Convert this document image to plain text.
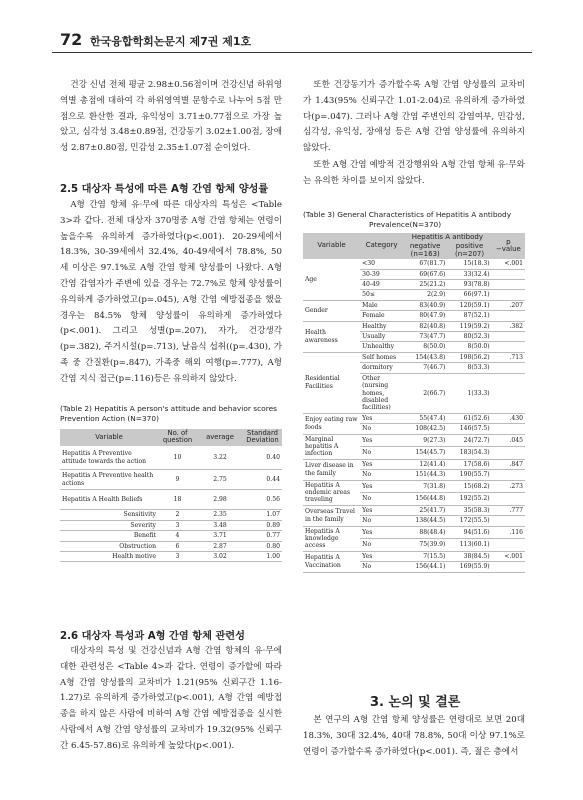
72 한국융합학회논문지 제7권 제1호

건강 신념 전체 평균 2.98±0.56점이며 건강신념 하위영역별 총점에 대하여 각 하위영역별 문항수로 나누어 5점 만점으로 환산한 결과, 유익성이 3.71±0.77점으로 가장 높았고, 심각성 3.48±0.89점, 건강동기 3.02±1.00점, 장애성 2.87±0.80점, 민감성 2.35±1.07점 순이었다.

2.5 대상자 특성에 따른 A형 간염 항체 양성률

A형 간염 항체 유·무에 따른 대상자의 특성은 <Table 3>과 같다. 전체 대상자 370명중 A형 간염 항체는 연령이 높을수록 유의하게 증가하였다(p<.001). 20-29세에서 18.3%, 30-39세에서 32.4%, 40-49세에서 78.8%, 50세 이상은 97.1%로 A형 간염 항체 양성률이 나왔다. A형 간염 감염자가 주변에 있을 경우는 72.7%로 항체 양성률이 유의하게 증가하였고(p=.045), A형 간염 예방접종을 했을 경우는 84.5% 항체 양성률이 유의하게 증가하였다(p<.001). 그리고 성별(p=.207), 자가, 건강생각(p=.382), 주거시설(p=.713), 날음식 섭취((p=.430), 가족 중 간질환(p=.847), 가족중 해외 여행(p=.777), A형 간염 지식 접근(p=.116)등은 유의하지 않았다.

(Table 2) Hepatitis A person's attitude and behavior scores Prevention Action (N=370)
Variable	No. of question	average	Standard Deviation
Hepatitis A Preventive attitude towards the action	10	3.22	0.40
Hepatitis A Preventive health actions	9	2.75	0.44
Hepatitis A Health Beliefs	18	2.98	0.56
Sensitivity	2	2.35	1.07
Severity	3	3.48	0.89
Benefit	4	3.71	0.77
Obstruction	6	2.87	0.80
Health motive	3	3.02	1.00
2.6 대상자 특성과 A형 간염 항체 관련성

대상자의 특성 및 건강신념과 A형 간염 항체의 유·무에 대한 관련성은 <Table 4>과 같다. 연령이 증가할에 따라 A형 간염 양성률의 교차비가 1.21(95% 신뢰구간 1.16-1.27)로 유의하게 증가하였고(p<.001), A형 간염 예방접종을 하지 않은 사람에 비하여 A형 간염 예방접종을 실시한 사람에서 A형 간염 양성률의 교차비가 19.32(95% 신뢰구간 6.45-57.86)로 유의하게 높았다(p<.001).

또한 건강동기가 증가할수록 A형 간염 양성률의 교차비가 1.43(95% 신뢰구간 1.01-2.04)로 유의하게 증가하였다(p=.047). 그러나 A형 간염 주변인의 감염여부, 민감성, 심각성, 유익성, 장애성 등은 A형 간염 양성률에 유의하지 않았다.

또한 A형 간염 예방적 건강행위와 A형 간염 항체 유·무와는 유의한 차이를 보이지 않았다.

(Table 3) General Characteristics of Hepatitis A antibody
Prevalence(N=370)
Variable	Category	Hepatitis A antibody		p −value
		negative (n=163)	positive (n=207)	
Age	<30	67(81.7)	15(18.3)	<.001
	30-39	69(67.6)	33(32.4)	
	40-49	25(21.2)	93(78.8)	
	50≤	2(2.9)	66(97.1)	
Gender	Male	83(40.9)	120(59.1)	.207
	Female	80(47.9)	87(52.1)	
Health awareness	Healthy	82(40.8)	119(59.2)	.382
	Usually	73(47.7)	80(52.3)	
	Unhealthy	8(50.0)	8(50.0)	
Residential Facilities	Self homes	154(43.8)	198(56.2)	.713
	dormitory	7(46.7)	8(53.3)	
	Other (nursing homes, disabled facilities)	2(66.7)	1(33.3)	
Enjoy eating raw foods	Yes	55(47.4)	61(52.6)	.430
	No	108(42.5)	146(57.5)	
Marginal hepatitis A infection	Yes	9(27.3)	24(72.7)	.045
	No	154(45.7)	183(54.3)	
Liver disease in the family	Yes	12(41.4)	17(58.6)	.847
	No	151(44.3)	190(55.7)	
Hepatitis A endemic areas traveling	Yes	7(31.8)	15(68.2)	.273
	No	156(44.8)	192(55.2)	
Overseas Travel in the family	Yes	25(41.7)	35(58.3)	.777
	No	138(44.5)	172(55.5)	
Hepatitis A knowledge access	Yes	88(48.4)	94(51.6)	.116
	No	75(39.9)	113(60.1)	
Hepatitis A Vaccination	Yes	7(15.5)	38(84.5)	<.001
	No	156(44.1)	169(55.9)	
3. 논의 및 결론

본 연구의 A형 간염 항체 양성률은 연령대로 보면 20대 18.3%, 30대 32.4%, 40대 78.8%, 50대 이상 97.1%로 연령이 증가할수록 증가하였다(p<.001). 즉, 젊은 층에서
